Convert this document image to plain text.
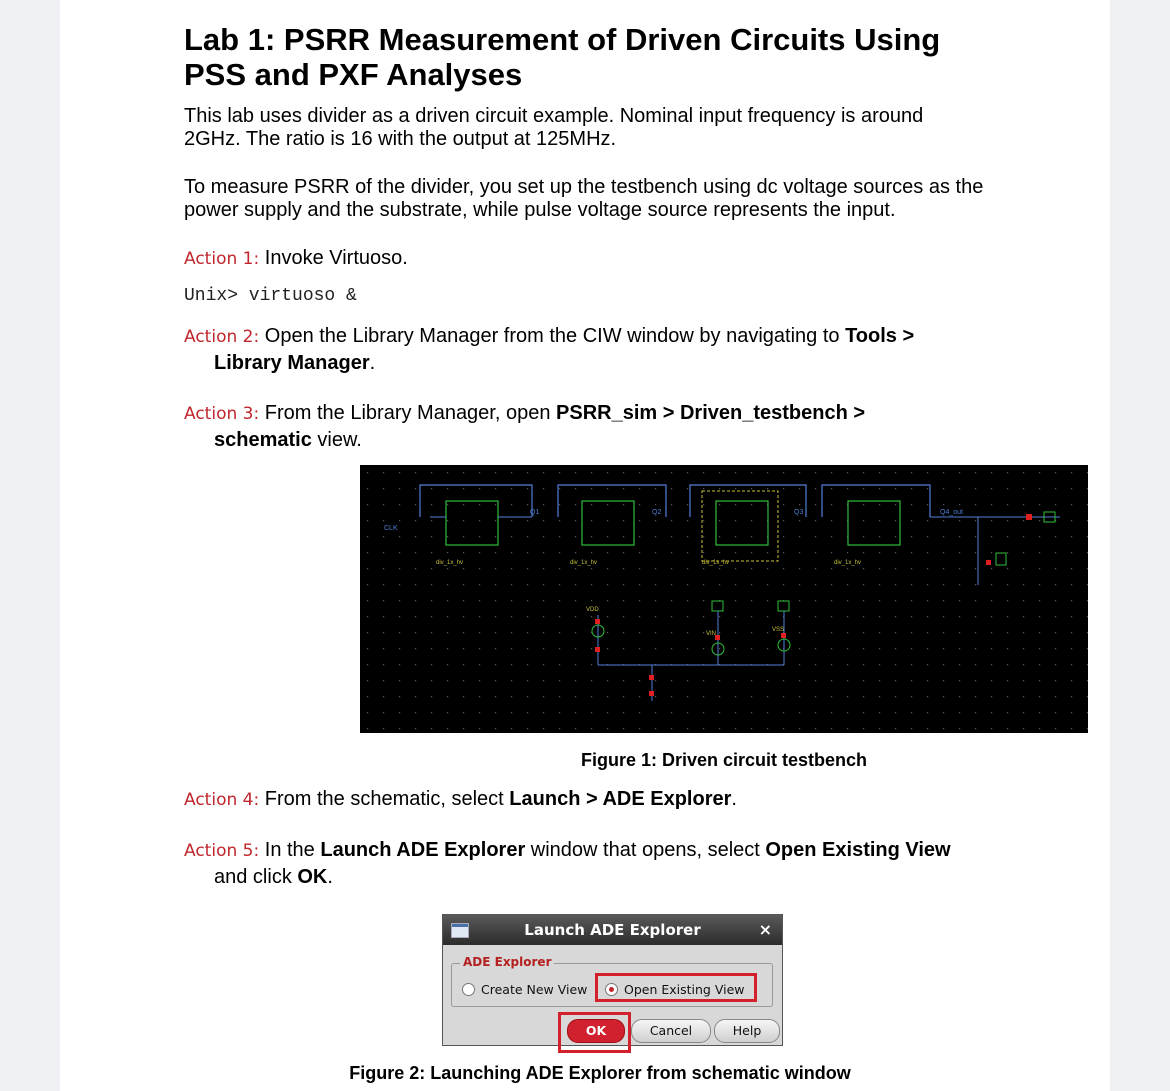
Lab 1: PSRR Measurement of Driven Circuits Using PSS and PXF Analyses

This lab uses divider as a driven circuit example. Nominal input frequency is around 2GHz. The ratio is 16 with the output at 125MHz.

To measure PSRR of the divider, you set up the testbench using dc voltage sources as the power supply and the substrate, while pulse voltage source represents the input.

Action 1: Invoke Virtuoso.

Unix> virtuoso &

Action 2: Open the Library Manager from the CIW window by navigating to Tools >
Library Manager.

Action 3: From the Library Manager, open PSRR_sim > Driven_testbench >
schematic view.

CLK
Q1
div_1x_hv
Q2
div_1x_hv
Q3
div_1x_hv
Q4_out
div_1x_hv
VDD
VIN
VSS
Figure 1: Driven circuit testbench

Action 4: From the schematic, select Launch > ADE Explorer.

Action 5: In the Launch ADE Explorer window that opens, select Open Existing View
and click OK.

Launch ADE Explorer	×
ADE Explorer
Create New View	Open Existing View
OK	Cancel	Help
Figure 2: Launching ADE Explorer from schematic window
